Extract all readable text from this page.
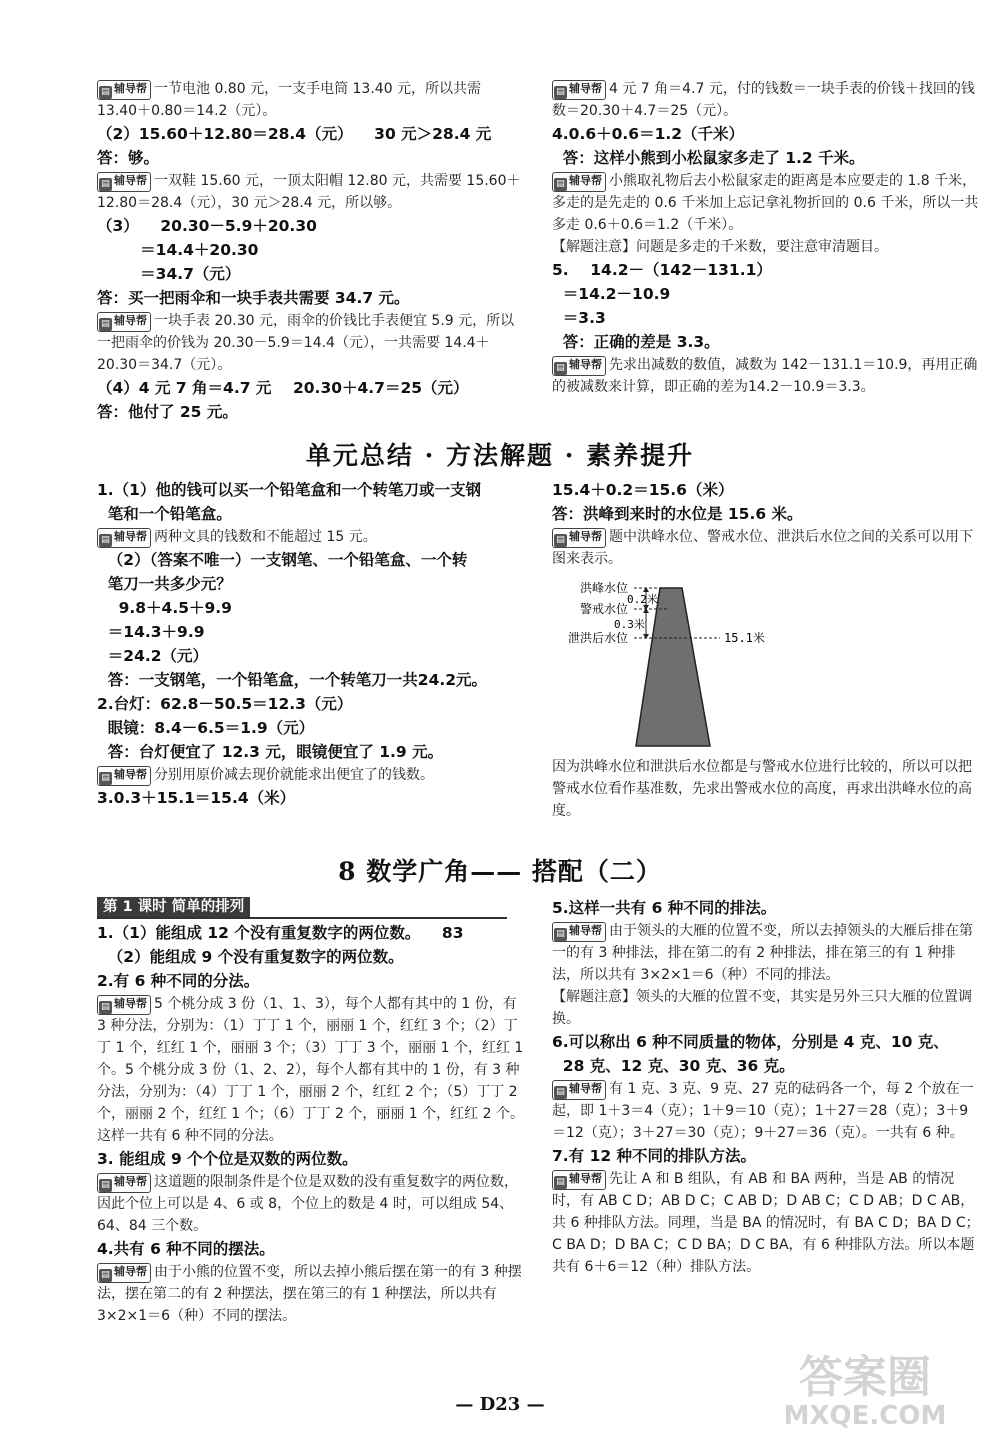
▤ 辅导帮 一节电池 0.80 元，一支手电筒 13.40 元，所以共需 13.40＋0.80＝14.2（元）。
（2）15.60＋12.80＝28.4（元）    30 元＞28.4 元
答：够。
▤ 辅导帮 一双鞋 15.60 元，一顶太阳帽 12.80 元，共需要 15.60＋12.80＝28.4（元），30 元＞28.4 元，所以够。
（3）    20.30－5.9＋20.30
＝14.4＋20.30
＝34.7（元）
答：买一把雨伞和一块手表共需要 34.7 元。
▤ 辅导帮 一块手表 20.30 元，雨伞的价钱比手表便宜 5.9 元，所以一把雨伞的价钱为 20.30－5.9＝14.4（元），一共需要 14.4＋20.30＝34.7（元）。
（4）4 元 7 角＝4.7 元    20.30＋4.7＝25（元）
答：他付了 25 元。
▤ 辅导帮 4 元 7 角＝4.7 元，付的钱数＝一块手表的价钱＋找回的钱数＝20.30＋4.7＝25（元）。
4.0.6＋0.6＝1.2（千米）
答：这样小熊到小松鼠家多走了 1.2 千米。
▤ 辅导帮 小熊取礼物后去小松鼠家走的距离是本应要走的 1.8 千米，多走的是先走的 0.6 千米加上忘记拿礼物折回的 0.6 千米，所以一共多走 0.6＋0.6＝1.2（千米）。
【解题注意】问题是多走的千米数，要注意审清题目。
5.    14.2－（142－131.1）
＝14.2－10.9
＝3.3
答：正确的差是 3.3。
▤ 辅导帮 先求出减数的数值，减数为 142－131.1＝10.9，再用正确的被减数来计算，即正确的差为14.2－10.9＝3.3。
单元总结 · 方法解题 · 素养提升
1.（1）他的钱可以买一个铅笔盒和一个转笔刀或一支钢
笔和一个铅笔盒。
▤ 辅导帮 两种文具的钱数和不能超过 15 元。
（2）（答案不唯一）一支钢笔、一个铅笔盒、一个转
笔刀一共多少元？
9.8＋4.5＋9.9
＝14.3＋9.9
＝24.2（元）
答：一支钢笔，一个铅笔盒，一个转笔刀一共24.2元。
2.台灯：62.8－50.5＝12.3（元）
眼镜：8.4－6.5＝1.9（元）
答：台灯便宜了 12.3 元，眼镜便宜了 1.9 元。
▤ 辅导帮 分别用原价减去现价就能求出便宜了的钱数。
3.0.3＋15.1＝15.4（米）
15.4＋0.2＝15.6（米）
答：洪峰到来时的水位是 15.6 米。
▤ 辅导帮 题中洪峰水位、警戒水位、泄洪后水位之间的关系可以用下图来表示。
洪峰水位
警戒水位
泄洪后水位
0.2米
0.3米
15.1米
因为洪峰水位和泄洪后水位都是与警戒水位进行比较的，所以可以把警戒水位看作基准数，先求出警戒水位的高度，再求出洪峰水位的高度。
8 数学广角—— 搭配（二）
第 1 课时 简单的排列
1.（1）能组成 12 个没有重复数字的两位数。    83
（2）能组成 9 个没有重复数字的两位数。
2.有 6 种不同的分法。
▤ 辅导帮 5 个桃分成 3 份（1、1、3），每个人都有其中的 1 份，有 3 种分法，分别为：（1）丁丁 1 个，丽丽 1 个，红红 3 个；（2）丁丁 1 个，红红 1 个，丽丽 3 个；（3）丁丁 3 个，丽丽 1 个，红红 1 个。5 个桃分成 3 份（1、2、2），每个人都有其中的 1 份，有 3 种分法，分别为：（4）丁丁 1 个，丽丽 2 个，红红 2 个；（5）丁丁 2 个，丽丽 2 个，红红 1 个；（6）丁丁 2 个，丽丽 1 个，红红 2 个。这样一共有 6 种不同的分法。
3. 能组成 9 个个位是双数的两位数。
▤ 辅导帮 这道题的限制条件是个位是双数的没有重复数字的两位数，因此个位上可以是 4、6 或 8，个位上的数是 4 时，可以组成 54、64、84 三个数。
4.共有 6 种不同的摆法。
▤ 辅导帮 由于小熊的位置不变，所以去掉小熊后摆在第一的有 3 种摆法，摆在第二的有 2 种摆法，摆在第三的有 1 种摆法，所以共有 3×2×1＝6（种）不同的摆法。
5.这样一共有 6 种不同的排法。
▤ 辅导帮 由于领头的大雁的位置不变，所以去掉领头的大雁后排在第一的有 3 种排法，排在第二的有 2 种排法，排在第三的有 1 种排法，所以共有 3×2×1＝6（种）不同的排法。
【解题注意】领头的大雁的位置不变，其实是另外三只大雁的位置调换。
6.可以称出 6 种不同质量的物体，分别是 4 克、10 克、
28 克、12 克、30 克、36 克。
▤ 辅导帮 有 1 克、3 克、9 克、27 克的砝码各一个，每 2 个放在一起，即 1＋3＝4（克）；1＋9＝10（克）；1＋27＝28（克）；3＋9＝12（克）；3＋27＝30（克）；9＋27＝36（克）。一共有 6 种。
7.有 12 种不同的排队方法。
▤ 辅导帮 先让 A 和 B 组队，有 AB 和 BA 两种，当是 AB 的情况时，有 AB C D；AB D C；C AB D；D AB C；C D AB；D C AB，共 6 种排队方法。同理，当是 BA 的情况时，有 BA C D；BA D C；C BA D；D BA C；C D BA；D C BA，有 6 种排队方法。所以本题共有 6＋6＝12（种）排队方法。
— D23 —
答案圈
MXQE.COM
